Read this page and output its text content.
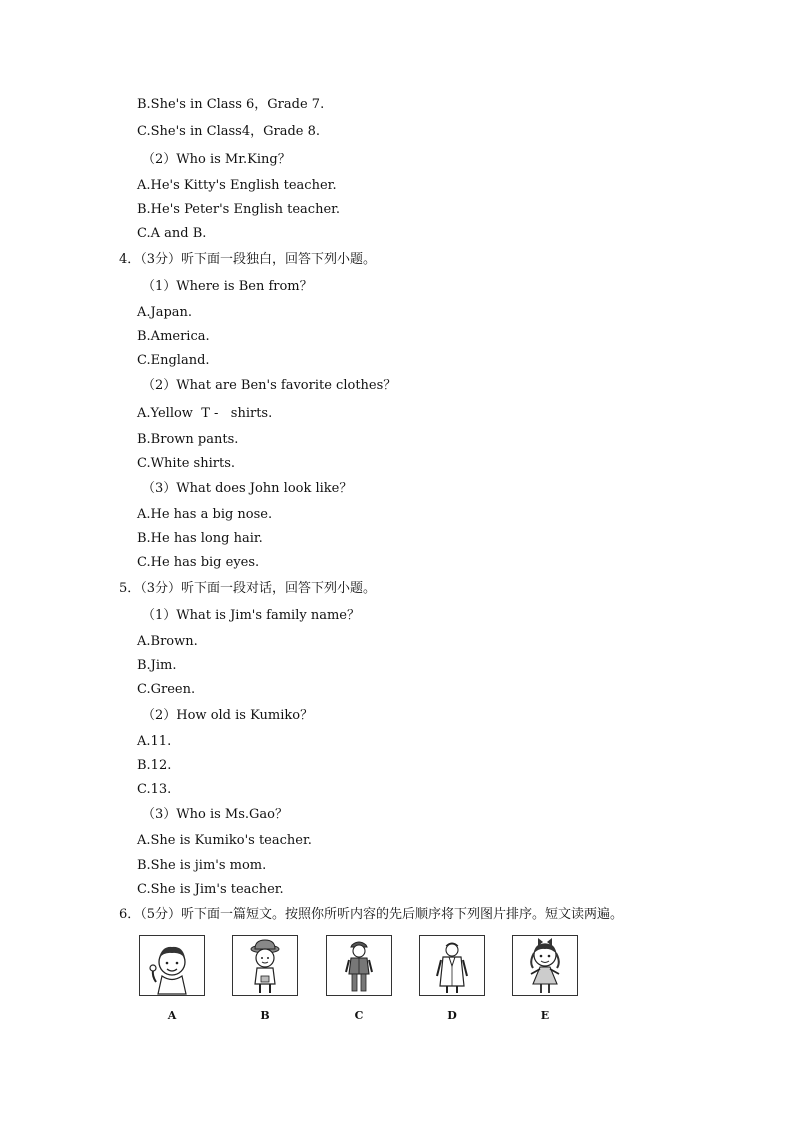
B.She's in Class 6，Grade 7.
C.She's in Class4，Grade 8.
（2）Who is Mr.King？
A.He's Kitty's English teacher.
B.He's Peter's English teacher.
C.A and B.
4．（3分）听下面一段独白，回答下列小题。
（1）Where is Ben from？
A.Japan.
B.America.
C.England.
（2）What are Ben's favorite clothes？
A.Yellow  T -   shirts.
B.Brown pants.
C.White shirts.
（3）What does John look like？
A.He has a big nose.
B.He has long hair.
C.He has big eyes.
5．（3分）听下面一段对话，回答下列小题。
（1）What is Jim's family name？
A.Brown.
B.Jim.
C.Green.
（2）How old is Kumiko？
A.11.
B.12.
C.13.
（3）Who is Ms.Gao？
A.She is Kumiko's teacher.
B.She is jim's mom.
C.She is Jim's teacher.
6．（5分）听下面一篇短文。按照你所听内容的先后顺序将下列图片排序。短文读两遍。
A	B	C	D	E
